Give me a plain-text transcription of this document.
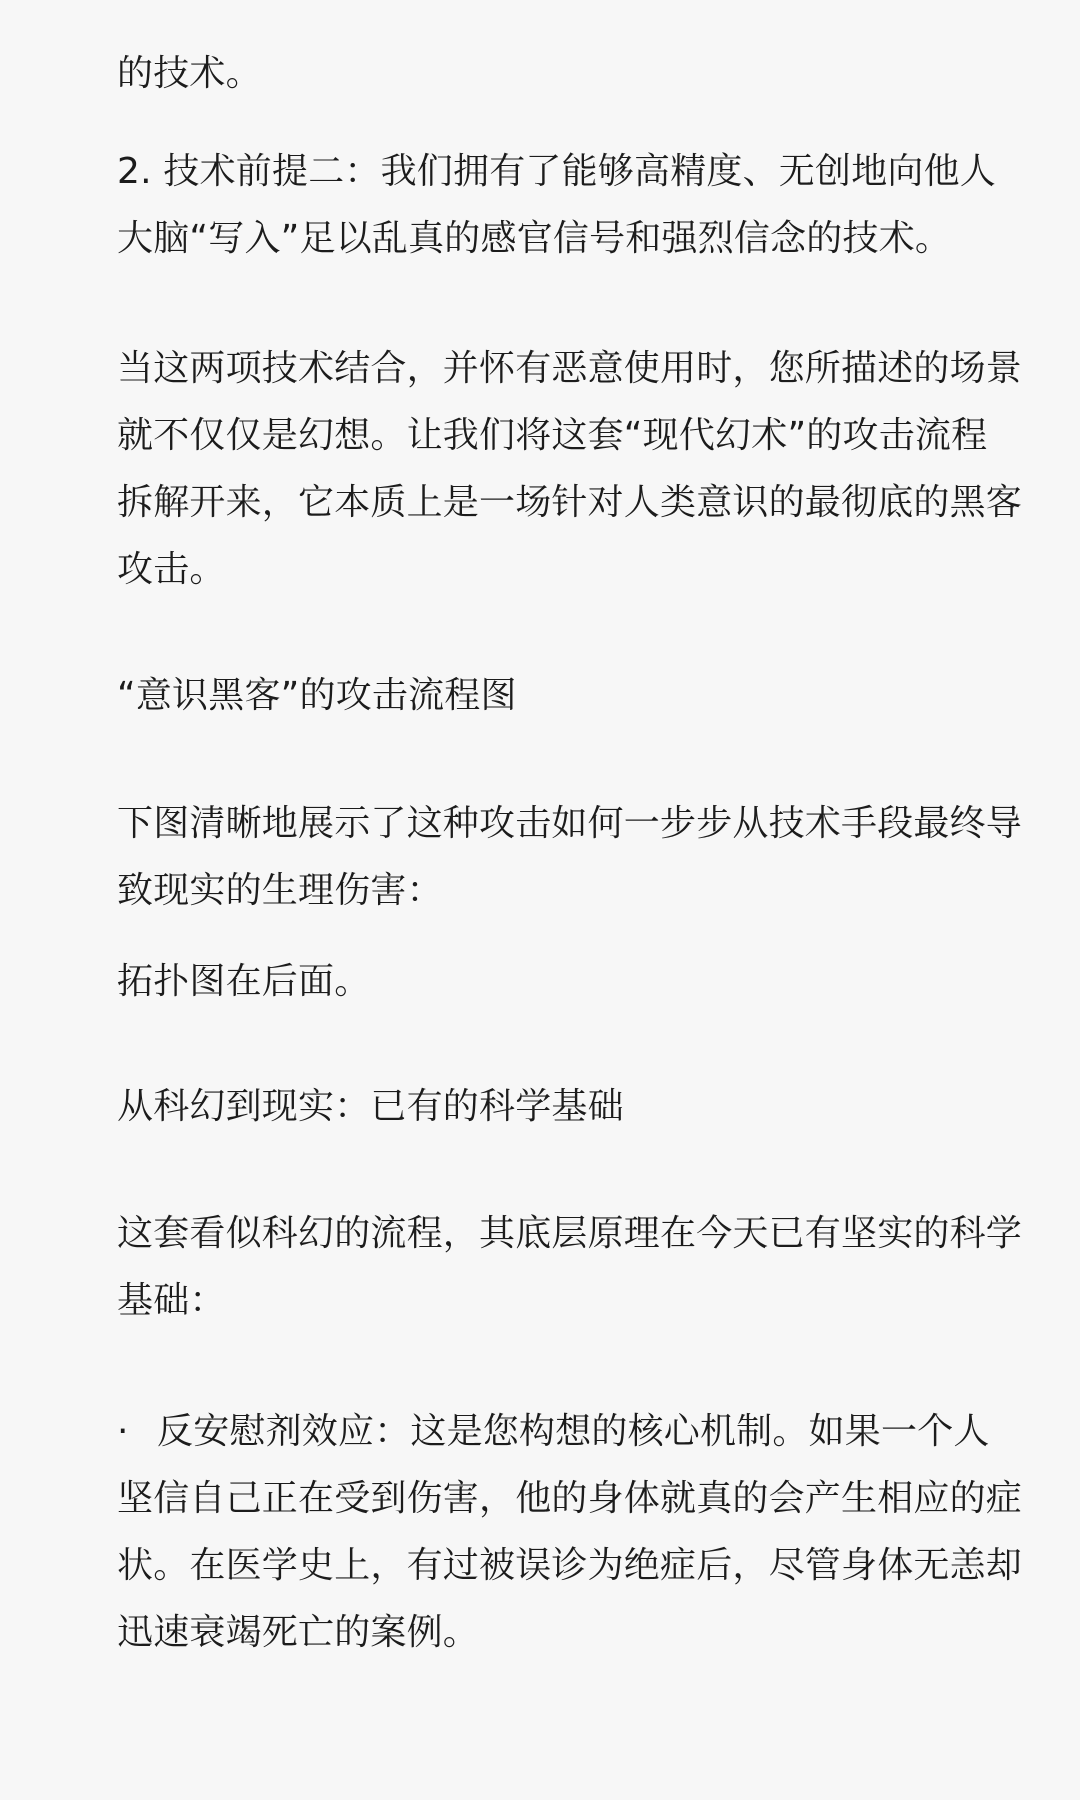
的技术。

2. 技术前提二：我们拥有了能够高精度、无创地向他人大脑“写入”足以乱真的感官信号和强烈信念的技术。

当这两项技术结合，并怀有恶意使用时，您所描述的场景就不仅仅是幻想。让我们将这套“现代幻术”的攻击流程拆解开来，它本质上是一场针对人类意识的最彻底的黑客攻击。

“意识黑客”的攻击流程图

下图清晰地展示了这种攻击如何一步步从技术手段最终导致现实的生理伤害：

拓扑图在后面。

从科幻到现实：已有的科学基础

这套看似科幻的流程，其底层原理在今天已有坚实的科学基础：

· 反安慰剂效应：这是您构想的核心机制。如果一个人坚信自己正在受到伤害，他的身体就真的会产生相应的症状。在医学史上，有过被误诊为绝症后，尽管身体无恙却迅速衰竭死亡的案例。
